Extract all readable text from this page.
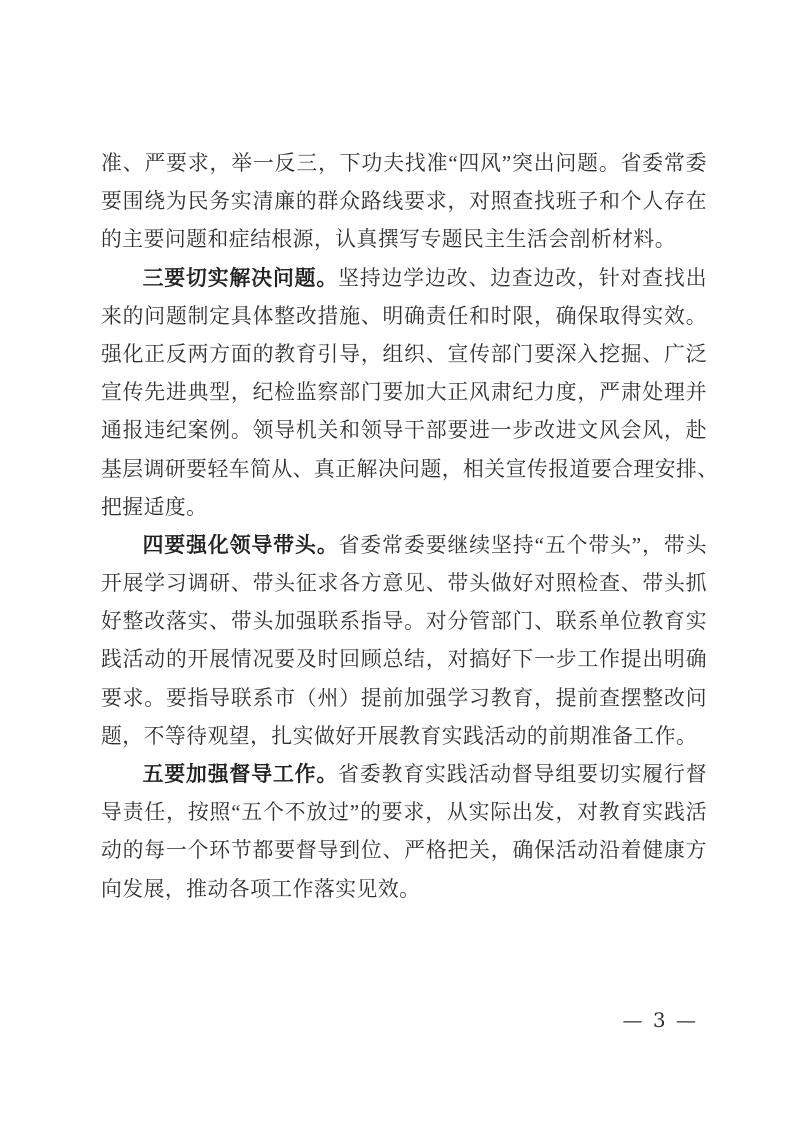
准、严要求，举一反三，下功夫找准“四风”突出问题。省委常委
要围绕为民务实清廉的群众路线要求，对照查找班子和个人存在
的主要问题和症结根源，认真撰写专题民主生活会剖析材料。
三要切实解决问题。坚持边学边改、边查边改，针对查找出
来的问题制定具体整改措施、明确责任和时限，确保取得实效。
强化正反两方面的教育引导，组织、宣传部门要深入挖掘、广泛
宣传先进典型，纪检监察部门要加大正风肃纪力度，严肃处理并
通报违纪案例。领导机关和领导干部要进一步改进文风会风，赴
基层调研要轻车简从、真正解决问题，相关宣传报道要合理安排、
把握适度。
四要强化领导带头。省委常委要继续坚持“五个带头”，带头
开展学习调研、带头征求各方意见、带头做好对照检查、带头抓
好整改落实、带头加强联系指导。对分管部门、联系单位教育实
践活动的开展情况要及时回顾总结，对搞好下一步工作提出明确
要求。要指导联系市（州）提前加强学习教育，提前查摆整改问
题，不等待观望，扎实做好开展教育实践活动的前期准备工作。
五要加强督导工作。省委教育实践活动督导组要切实履行督
导责任，按照“五个不放过”的要求，从实际出发，对教育实践活
动的每一个环节都要督导到位、严格把关，确保活动沿着健康方
向发展，推动各项工作落实见效。
— 3 —
